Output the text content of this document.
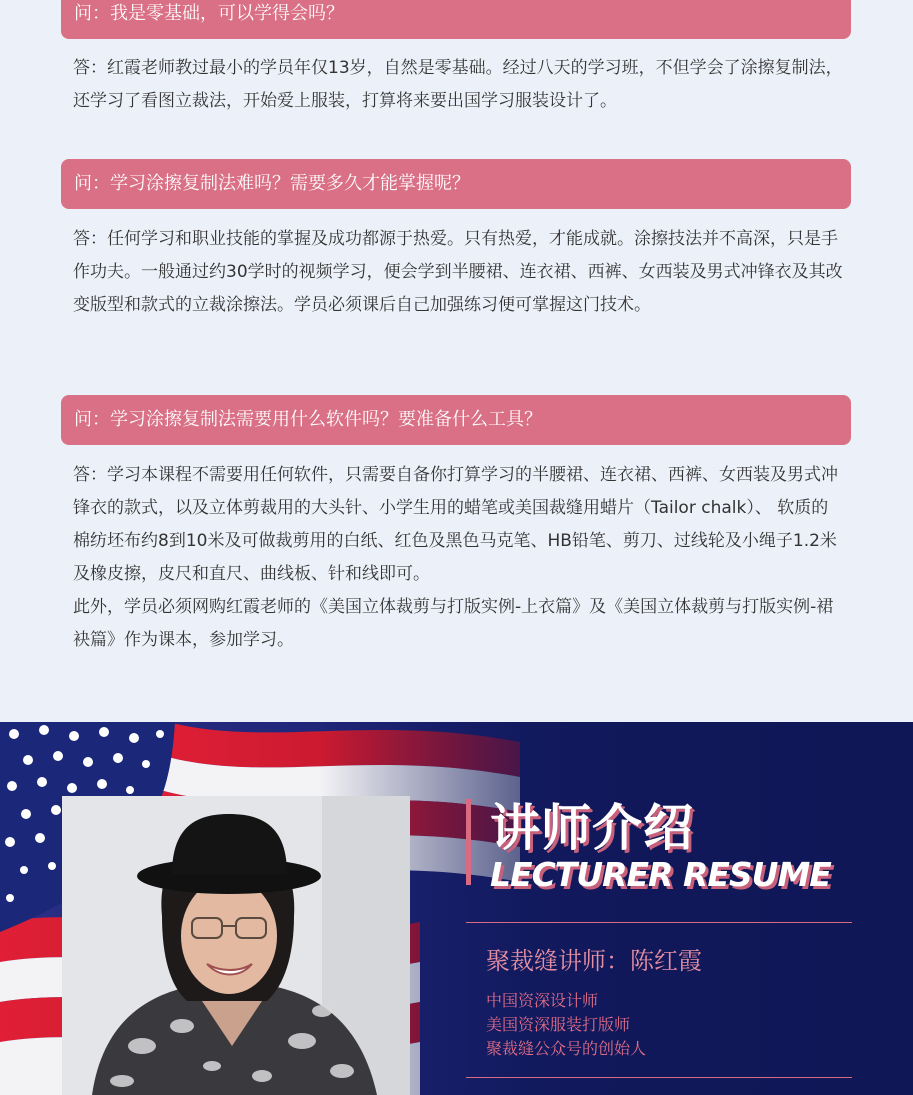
问：我是零基础，可以学得会吗？

答：红霞老师教过最小的学员年仅13岁，自然是零基础。经过八天的学习班，不但学会了涂擦复制法，还学习了看图立裁法，开始爱上服装，打算将来要出国学习服装设计了。

问：学习涂擦复制法难吗？需要多久才能掌握呢？

答：任何学习和职业技能的掌握及成功都源于热爱。只有热爱，才能成就。涂擦技法并不高深，只是手作功夫。一般通过约30学时的视频学习，便会学到半腰裙、连衣裙、西裤、女西装及男式冲锋衣及其改变版型和款式的立裁涂擦法。学员必须课后自己加强练习便可掌握这门技术。

问：学习涂擦复制法需要用什么软件吗？要准备什么工具？

答：学习本课程不需要用任何软件，只需要自备你打算学习的半腰裙、连衣裙、西裤、女西装及男式冲锋衣的款式，以及立体剪裁用的大头针、小学生用的蜡笔或美国裁缝用蜡片（Tailor chalk）、 软质的棉纺坯布约8到10米及可做裁剪用的白纸、红色及黑色马克笔、HB铅笔、剪刀、过线轮及小绳子1.2米及橡皮擦，皮尺和直尺、曲线板、针和线即可。

此外，学员必须网购红霞老师的《美国立体裁剪与打版实例-上衣篇》及《美国立体裁剪与打版实例-裙袂篇》作为课本，参加学习。

讲师介绍
LECTURER RESUME
聚裁缝讲师：陈红霞
中国资深设计师
美国资深服装打版师
聚裁缝公众号的创始人
